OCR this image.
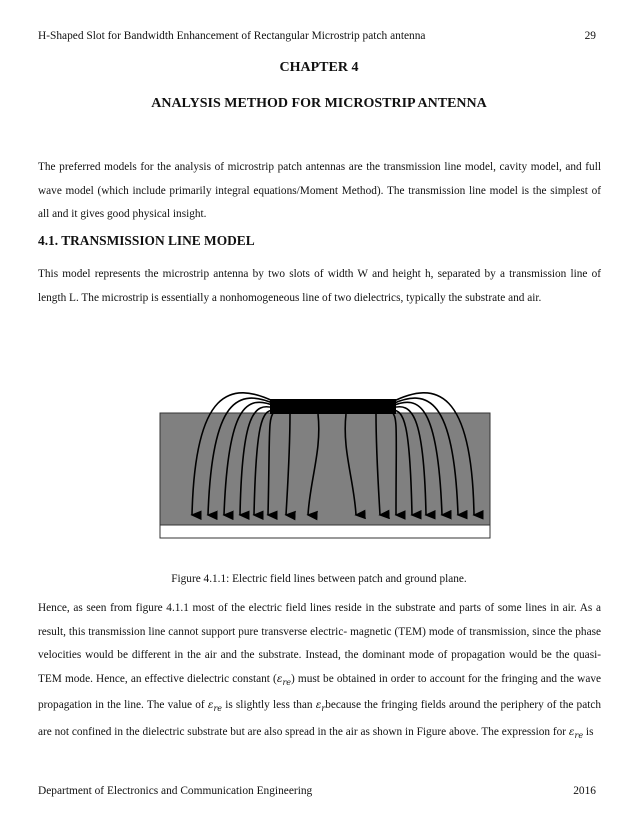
H-Shaped Slot for Bandwidth Enhancement of Rectangular Microstrip patch antenna	29
CHAPTER 4
ANALYSIS METHOD FOR MICROSTRIP ANTENNA
The preferred models for the analysis of microstrip patch antennas are the transmission line model, cavity model, and full wave model (which include primarily integral equations/Moment Method). The transmission line model is the simplest of all and it gives good physical insight.
4.1. TRANSMISSION LINE MODEL
This model represents the microstrip antenna by two slots of width W and height h, separated by a transmission line of length L. The microstrip is essentially a nonhomogeneous line of two dielectrics, typically the substrate and air.
Figure 4.1.1: Electric field lines between patch and ground plane.
Hence, as seen from figure 4.1.1 most of the electric field lines reside in the substrate and parts of some lines in air. As a result, this transmission line cannot support pure transverse electric- magnetic (TEM) mode of transmission, since the phase velocities would be different in the air and the substrate. Instead, the dominant mode of propagation would be the quasi-TEM mode. Hence, an effective dielectric constant $(\varepsilon_{re})$ must be obtained in order to account for the fringing and the wave propagation in the line. The value of $\varepsilon_{re}$ is slightly less than $\varepsilon_rbecause$ the fringing fields around the periphery of the patch are not confined in the dielectric substrate but are also spread in the air as shown in Figure above. The expression for $\varepsilon_{re}$ is
Department of Electronics and Communication Engineering	2016
